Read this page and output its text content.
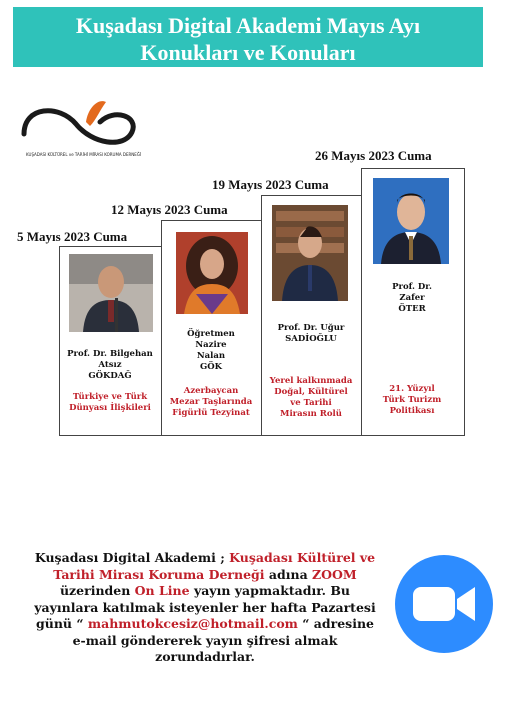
Kuşadası Digital Akademi Mayıs Ayı
Konukları ve Konuları
KUŞADASI KÜLTÜREL ve TARİHİ MİRASI KORUMA DERNEĞİ
5 Mayıs 2023 Cuma
12 Mayıs 2023 Cuma
19 Mayıs 2023 Cuma
26 Mayıs 2023 Cuma
Prof. Dr. Bilgehan
Atsız
GÖKDAĞ
Öğretmen
Nazire
Nalan
GÖK
Prof. Dr. Uğur
SADİOĞLU
Prof. Dr.
Zafer
ÖTER
Türkiye ve Türk
Dünyası İlişkileri
Azerbaycan
Mezar Taşlarında
Figürlü Tezyinat
Yerel kalkınmada
Doğal, Kültürel
ve Tarihi
Mirasın Rolü
21. Yüzyıl
Türk Turizm
Politikası
Kuşadası Digital Akademi ; Kuşadası Kültürel ve Tarihi Mirası Koruma Derneği adına ZOOM üzerinden On Line yayın yapmaktadır. Bu yayınlara katılmak isteyenler her hafta Pazartesi günü “ mahmutokcesiz@hotmail.com “ adresine e-mail göndererek yayın şifresi almak zorundadırlar.
